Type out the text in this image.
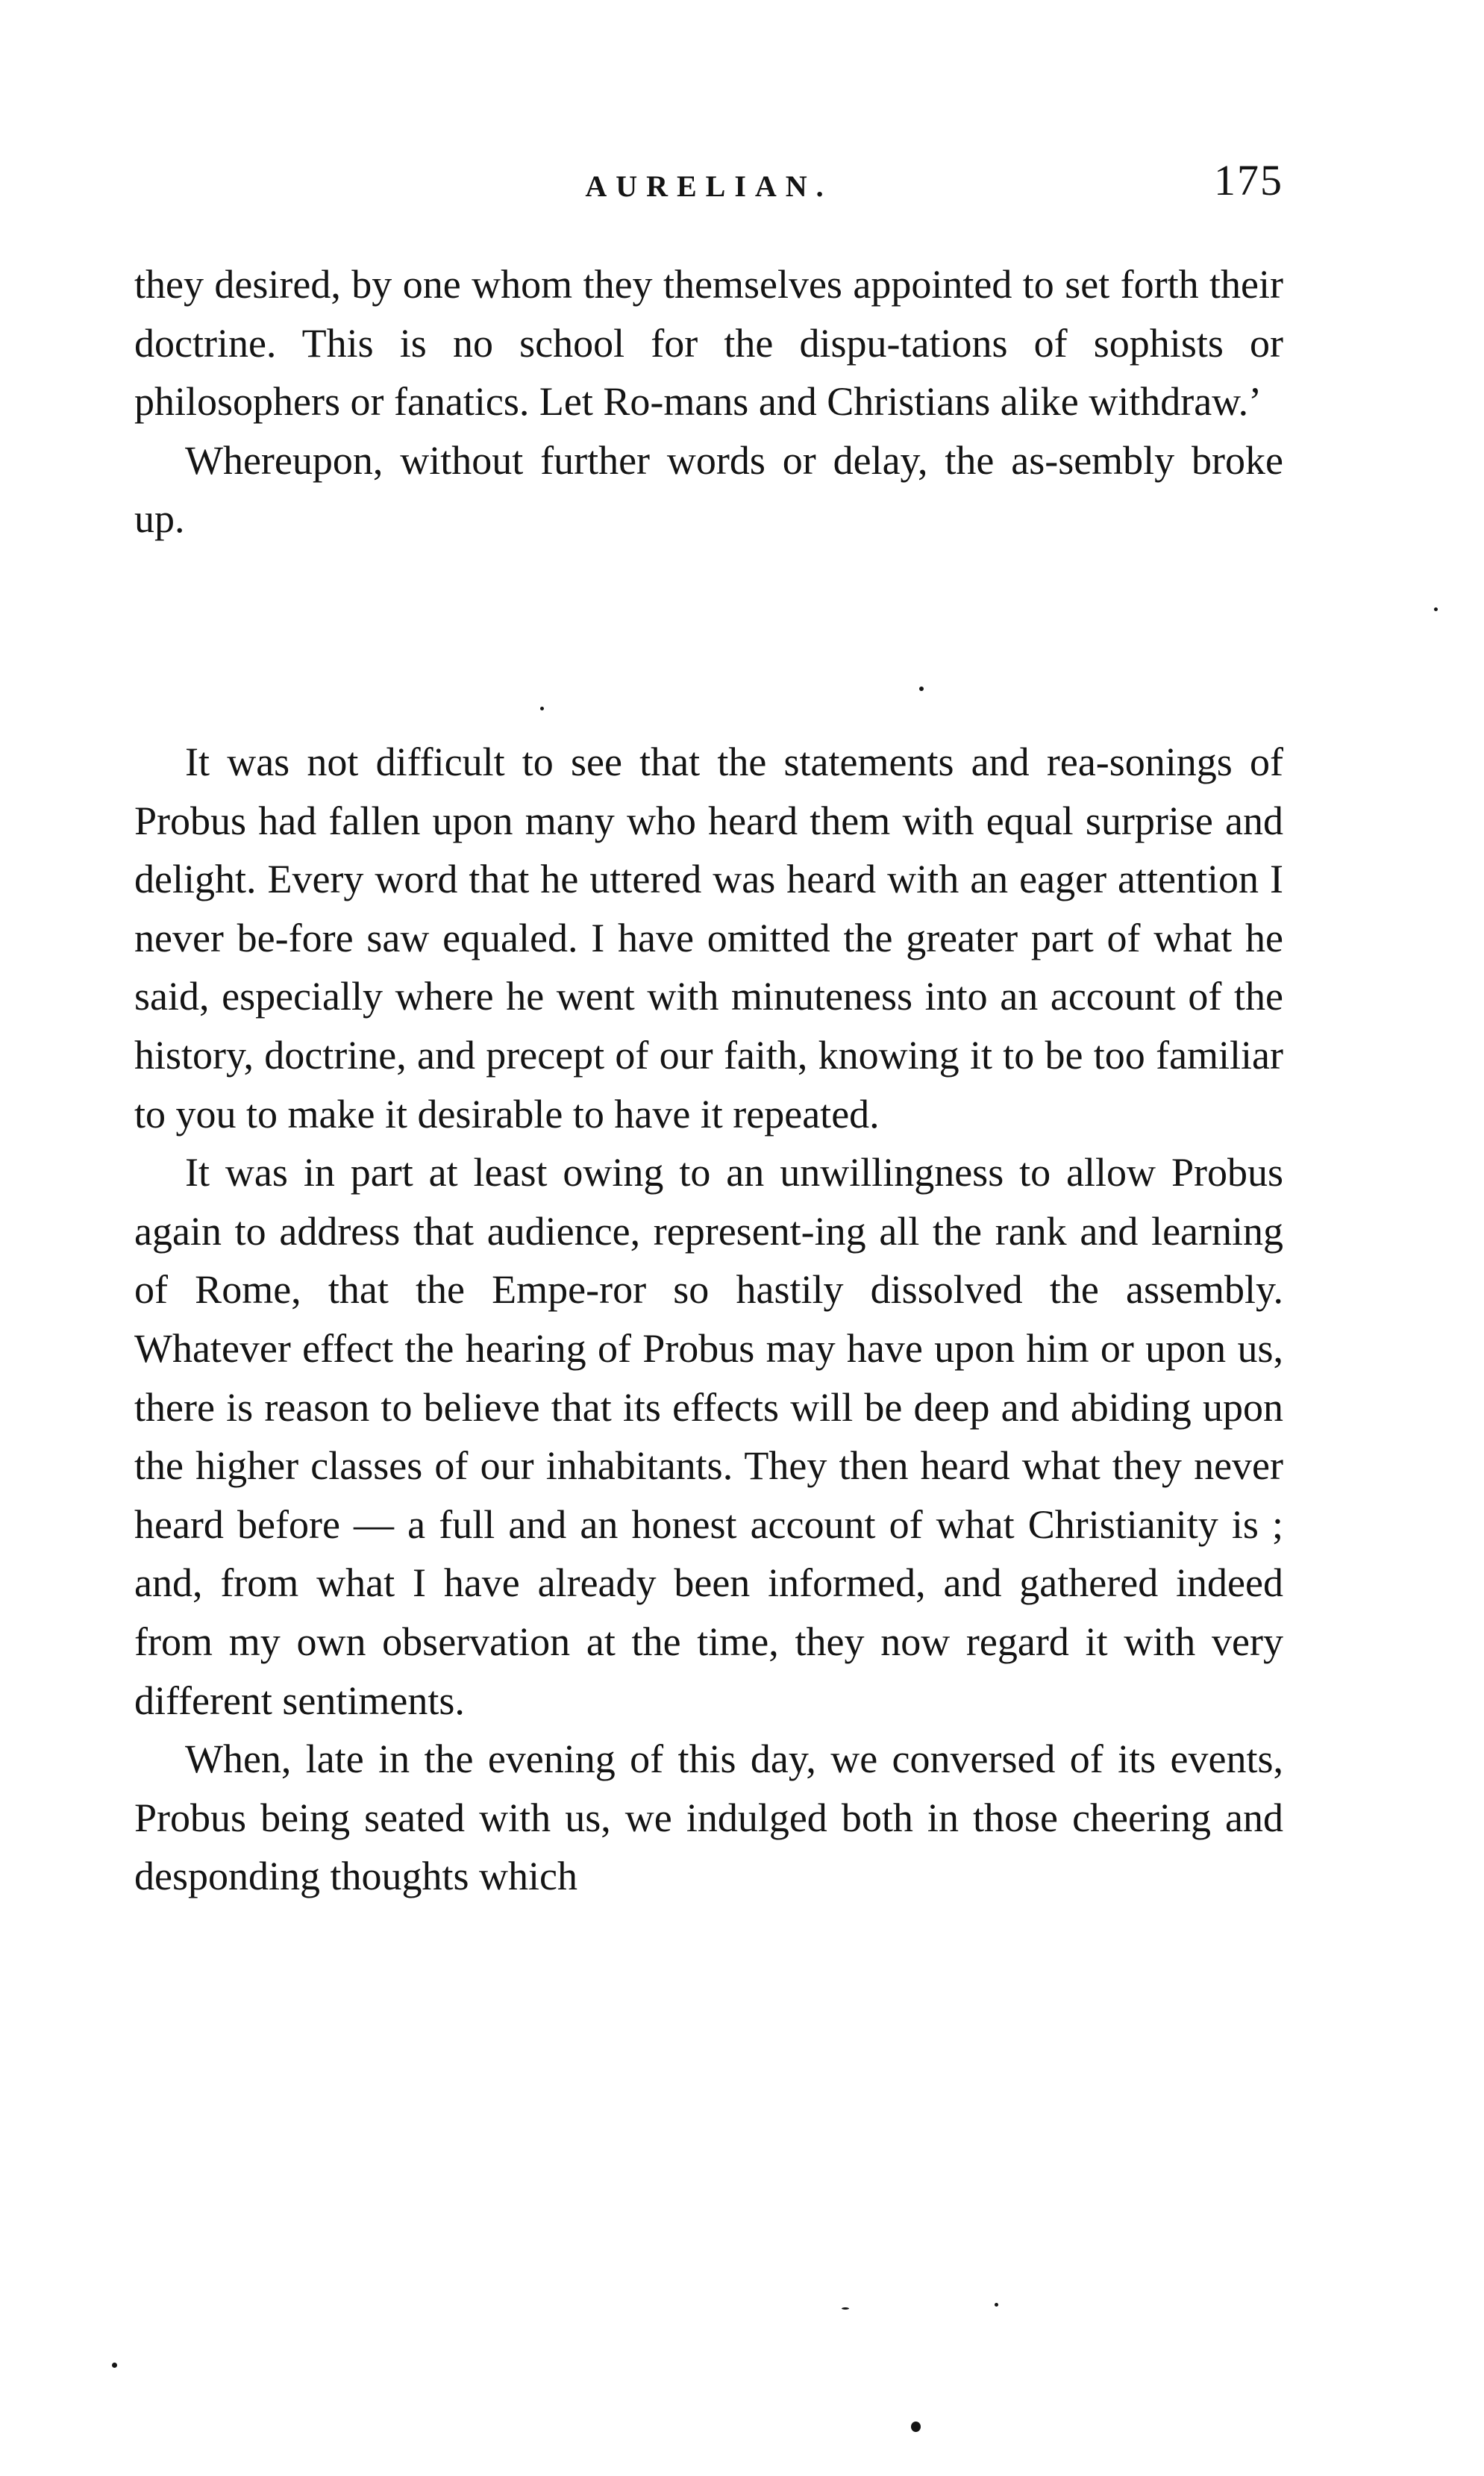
AURELIAN.	175

they desired, by one whom they themselves appointed to set forth their doctrine. This is no school for the dispu-tations of sophists or philosophers or fanatics. Let Ro-mans and Christians alike withdraw.’

Whereupon, without further words or delay, the as-sembly broke up.

It was not difficult to see that the statements and rea-sonings of Probus had fallen upon many who heard them with equal surprise and delight. Every word that he uttered was heard with an eager attention I never be-fore saw equaled. I have omitted the greater part of what he said, especially where he went with minuteness into an account of the history, doctrine, and precept of our faith, knowing it to be too familiar to you to make it desirable to have it repeated.

It was in part at least owing to an unwillingness to allow Probus again to address that audience, represent-ing all the rank and learning of Rome, that the Empe-ror so hastily dissolved the assembly. Whatever effect the hearing of Probus may have upon him or upon us, there is reason to believe that its effects will be deep and abiding upon the higher classes of our inhabitants. They then heard what they never heard before — a full and an honest account of what Christianity is ; and, from what I have already been informed, and gathered indeed from my own observation at the time, they now regard it with very different sentiments.

When, late in the evening of this day, we conversed of its events, Probus being seated with us, we indulged both in those cheering and desponding thoughts which
